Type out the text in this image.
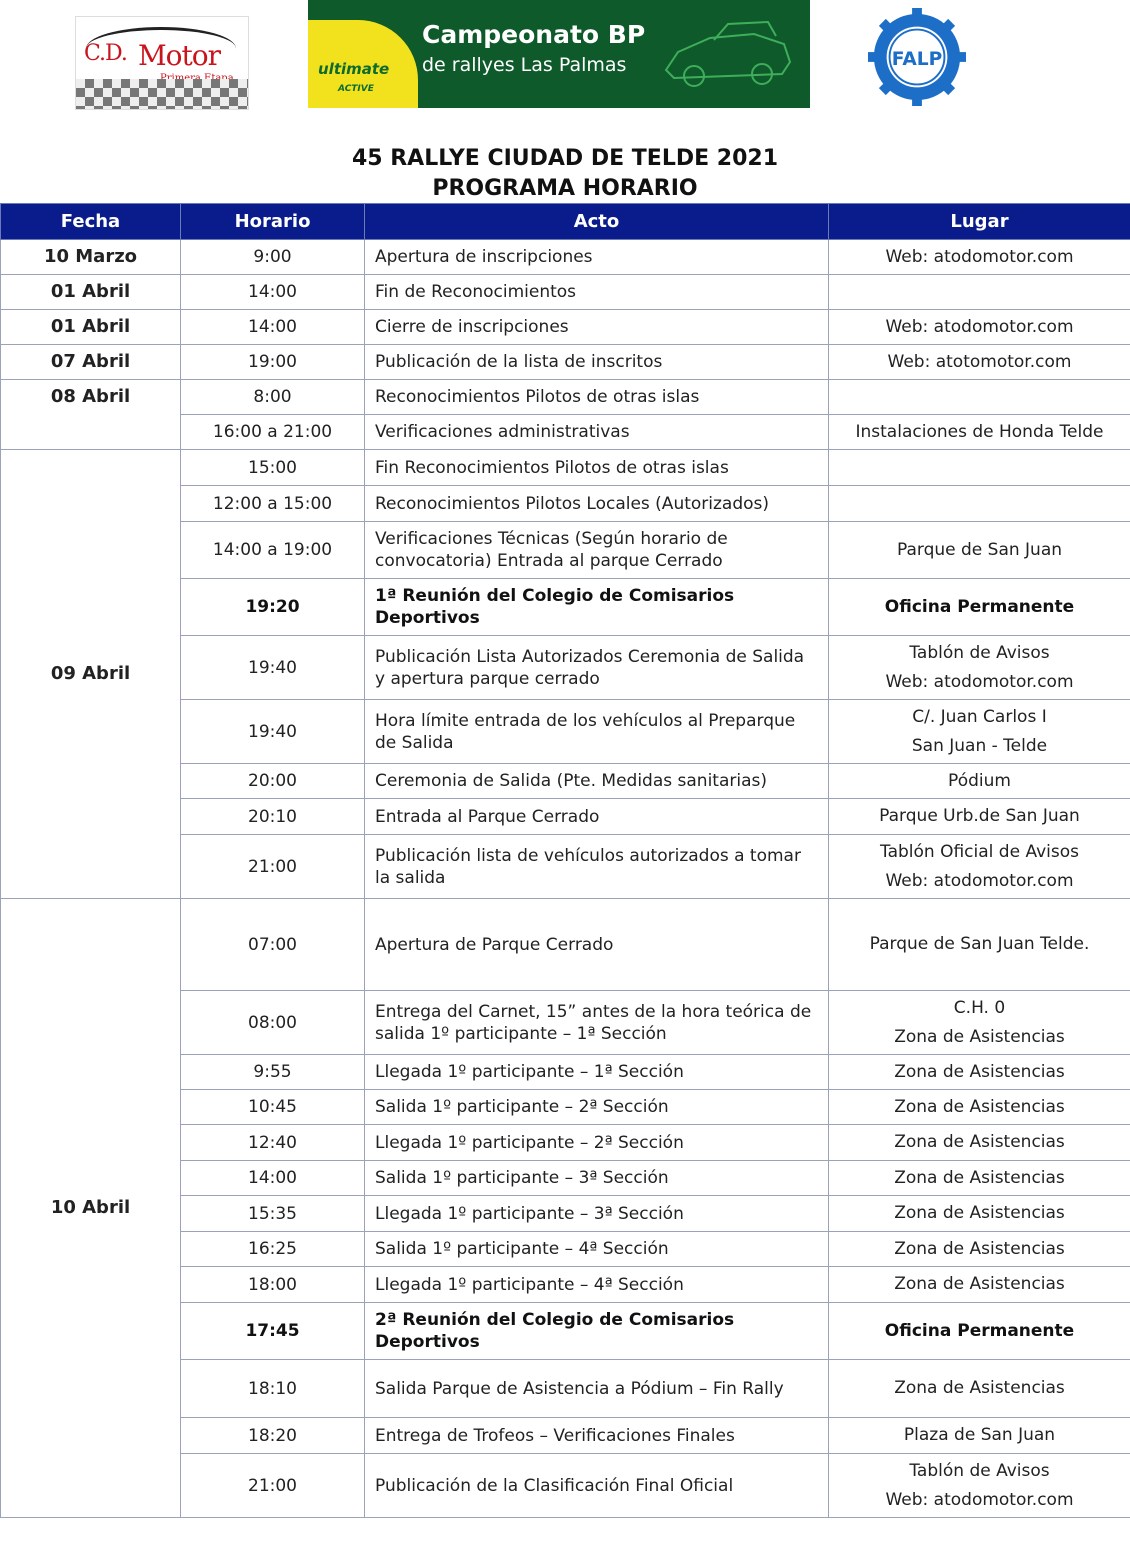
C.D. Motor	ultimate
ACTIVE
Campeonato BP
de rallyes Las Palmas	FALP
45 RALLYE CIUDAD DE TELDE 2021
PROGRAMA HORARIO
Fecha	Horario	Acto	Lugar
10 Marzo	9:00	Apertura de inscripciones	Web: atodomotor.com

01 Abril	14:00	Fin de Reconocimientos	
01 Abril	14:00	Cierre de inscripciones	Web: atodomotor.com

07 Abril	19:00	Publicación de la lista de inscritos	Web: atotomotor.com

08 Abril	8:00	Reconocimientos Pilotos de otras islas	
	16:00 a 21:00	Verificaciones administrativas	Instalaciones de Honda Telde

09 Abril	15:00	Fin Reconocimientos Pilotos de otras islas	
	12:00 a 15:00	Reconocimientos Pilotos Locales (Autorizados)	
	14:00 a 19:00	Verificaciones Técnicas (Según horario de convocatoria) Entrada al parque Cerrado	Parque de San Juan

	19:20	1ª Reunión del Colegio de Comisarios Deportivos	Oficina Permanente

	19:40	Publicación Lista Autorizados Ceremonia de Salida y apertura parque cerrado	Tablón de Avisos
Web: atodomotor.com

	19:40	Hora límite entrada de los vehículos al Preparque de Salida	C/. Juan Carlos I
San Juan - Telde

	20:00	Ceremonia de Salida (Pte. Medidas sanitarias)	Pódium

	20:10	Entrada al Parque Cerrado	Parque Urb.de San Juan

	21:00	Publicación lista de vehículos autorizados a tomar la salida	Tablón Oficial de Avisos
Web: atodomotor.com

10 Abril	07:00	Apertura de Parque Cerrado	Parque de San Juan Telde.

	08:00	Entrega del Carnet, 15” antes de la hora teórica de salida 1º participante – 1ª Sección	C.H. 0
Zona de Asistencias

	9:55	Llegada 1º participante – 1ª Sección	Zona de Asistencias

	10:45	Salida 1º participante – 2ª Sección	Zona de Asistencias

	12:40	Llegada 1º participante – 2ª Sección	Zona de Asistencias

	14:00	Salida 1º participante – 3ª Sección	Zona de Asistencias

	15:35	Llegada 1º participante – 3ª Sección	Zona de Asistencias

	16:25	Salida 1º participante – 4ª Sección	Zona de Asistencias

	18:00	Llegada 1º participante – 4ª Sección	Zona de Asistencias

	17:45	2ª Reunión del Colegio de Comisarios Deportivos	Oficina Permanente

	18:10	Salida Parque de Asistencia a Pódium – Fin Rally	Zona de Asistencias

	18:20	Entrega de Trofeos – Verificaciones Finales	Plaza de San Juan

	21:00	Publicación de la Clasificación Final Oficial	Tablón de Avisos
Web: atodomotor.com
